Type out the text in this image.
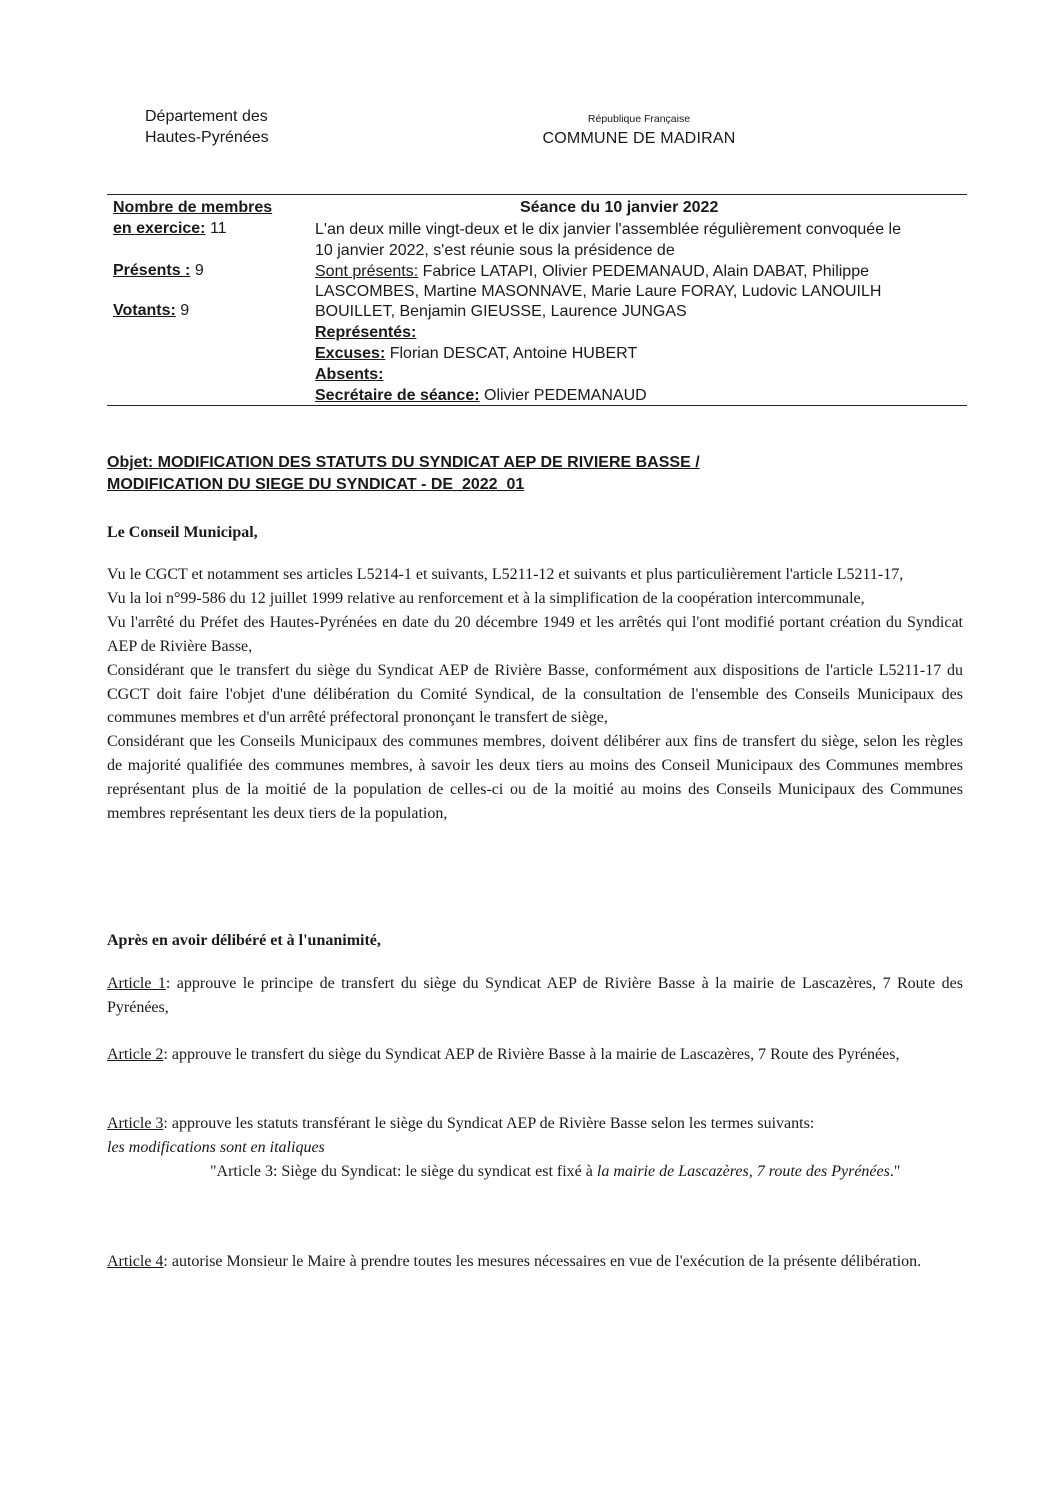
Département des
Hautes-Pyrénées
République Française
COMMUNE DE MADIRAN
Nombre de membres
en exercice: 11
Présents : 9
Votants: 9
Séance du 10 janvier 2022
L'an deux mille vingt-deux et le dix janvier l'assemblée régulièrement convoquée le
10 janvier 2022, s'est réunie sous la présidence de
Sont présents: Fabrice LATAPI, Olivier PEDEMANAUD, Alain DABAT, Philippe
LASCOMBES, Martine MASONNAVE, Marie Laure FORAY, Ludovic LANOUILH
BOUILLET, Benjamin GIEUSSE, Laurence JUNGAS
Représentés:
Excuses: Florian DESCAT, Antoine HUBERT
Absents:
Secrétaire de séance: Olivier PEDEMANAUD
Objet: MODIFICATION DES STATUTS DU SYNDICAT AEP DE RIVIERE BASSE /
MODIFICATION DU SIEGE DU SYNDICAT - DE_2022_01
Le Conseil Municipal,

Vu le CGCT et notamment ses articles L5214-1 et suivants, L5211-12 et suivants et plus particulièrement l'article L5211-17,

Vu la loi n°99-586 du 12 juillet 1999 relative au renforcement et à la simplification de la coopération intercommunale,

Vu l'arrêté du Préfet des Hautes-Pyrénées en date du 20 décembre 1949 et les arrêtés qui l'ont modifié portant création du Syndicat AEP de Rivière Basse,

Considérant que le transfert du siège du Syndicat AEP de Rivière Basse, conformément aux dispositions de l'article L5211-17 du CGCT doit faire l'objet d'une délibération du Comité Syndical, de la consultation de l'ensemble des Conseils Municipaux des communes membres et d'un arrêté préfectoral prononçant le transfert de siège,

Considérant que les Conseils Municipaux des communes membres, doivent délibérer aux fins de transfert du siège, selon les règles de majorité qualifiée des communes membres, à savoir les deux tiers au moins des Conseil Municipaux des Communes membres représentant plus de la moitié de la population de celles-ci ou de la moitié au moins des Conseils Municipaux des Communes membres représentant les deux tiers de la population,

Après en avoir délibéré et à l'unanimité,

Article 1: approuve le principe de transfert du siège du Syndicat AEP de Rivière Basse à la mairie de Lascazères, 7 Route des Pyrénées,

Article 2: approuve le transfert du siège du Syndicat AEP de Rivière Basse à la mairie de Lascazères, 7 Route des Pyrénées,

Article 3: approuve les statuts transférant le siège du Syndicat AEP de Rivière Basse selon les termes suivants:

les modifications sont en italiques

"Article 3: Siège du Syndicat: le siège du syndicat est fixé à la mairie de Lascazères, 7 route des Pyrénées."

Article 4: autorise Monsieur le Maire à prendre toutes les mesures nécessaires en vue de l'exécution de la présente délibération.
